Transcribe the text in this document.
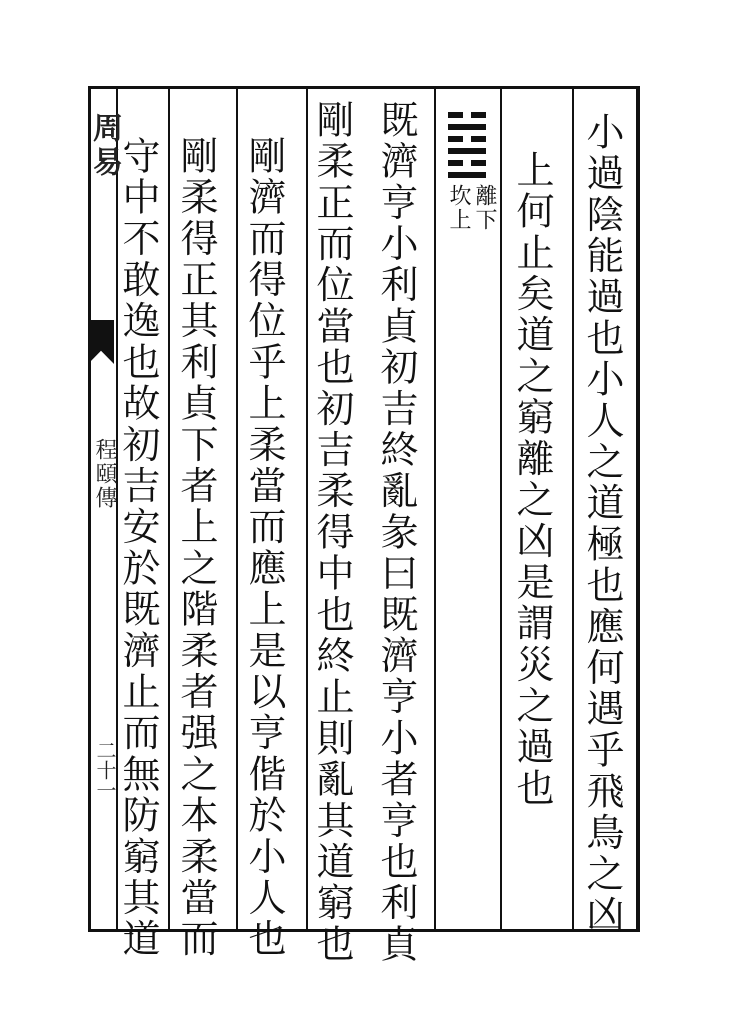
周易
程頤傳
二十一
離下
坎上	小過陰能過也小人之道極也應何遇乎飛鳥之凶
上何止矣道之窮離之凶是謂災之過也
既濟亨小利貞初吉終亂彖曰既濟亨小者亨也利貞
剛柔正而位當也初吉柔得中也終止則亂其道窮也
剛濟而得位乎上柔當而應上是以亨偕於小人也
剛柔得正其利貞下者上之階柔者强之本柔當而
守中不敢逸也故初吉安於既濟止而無防窮其道
